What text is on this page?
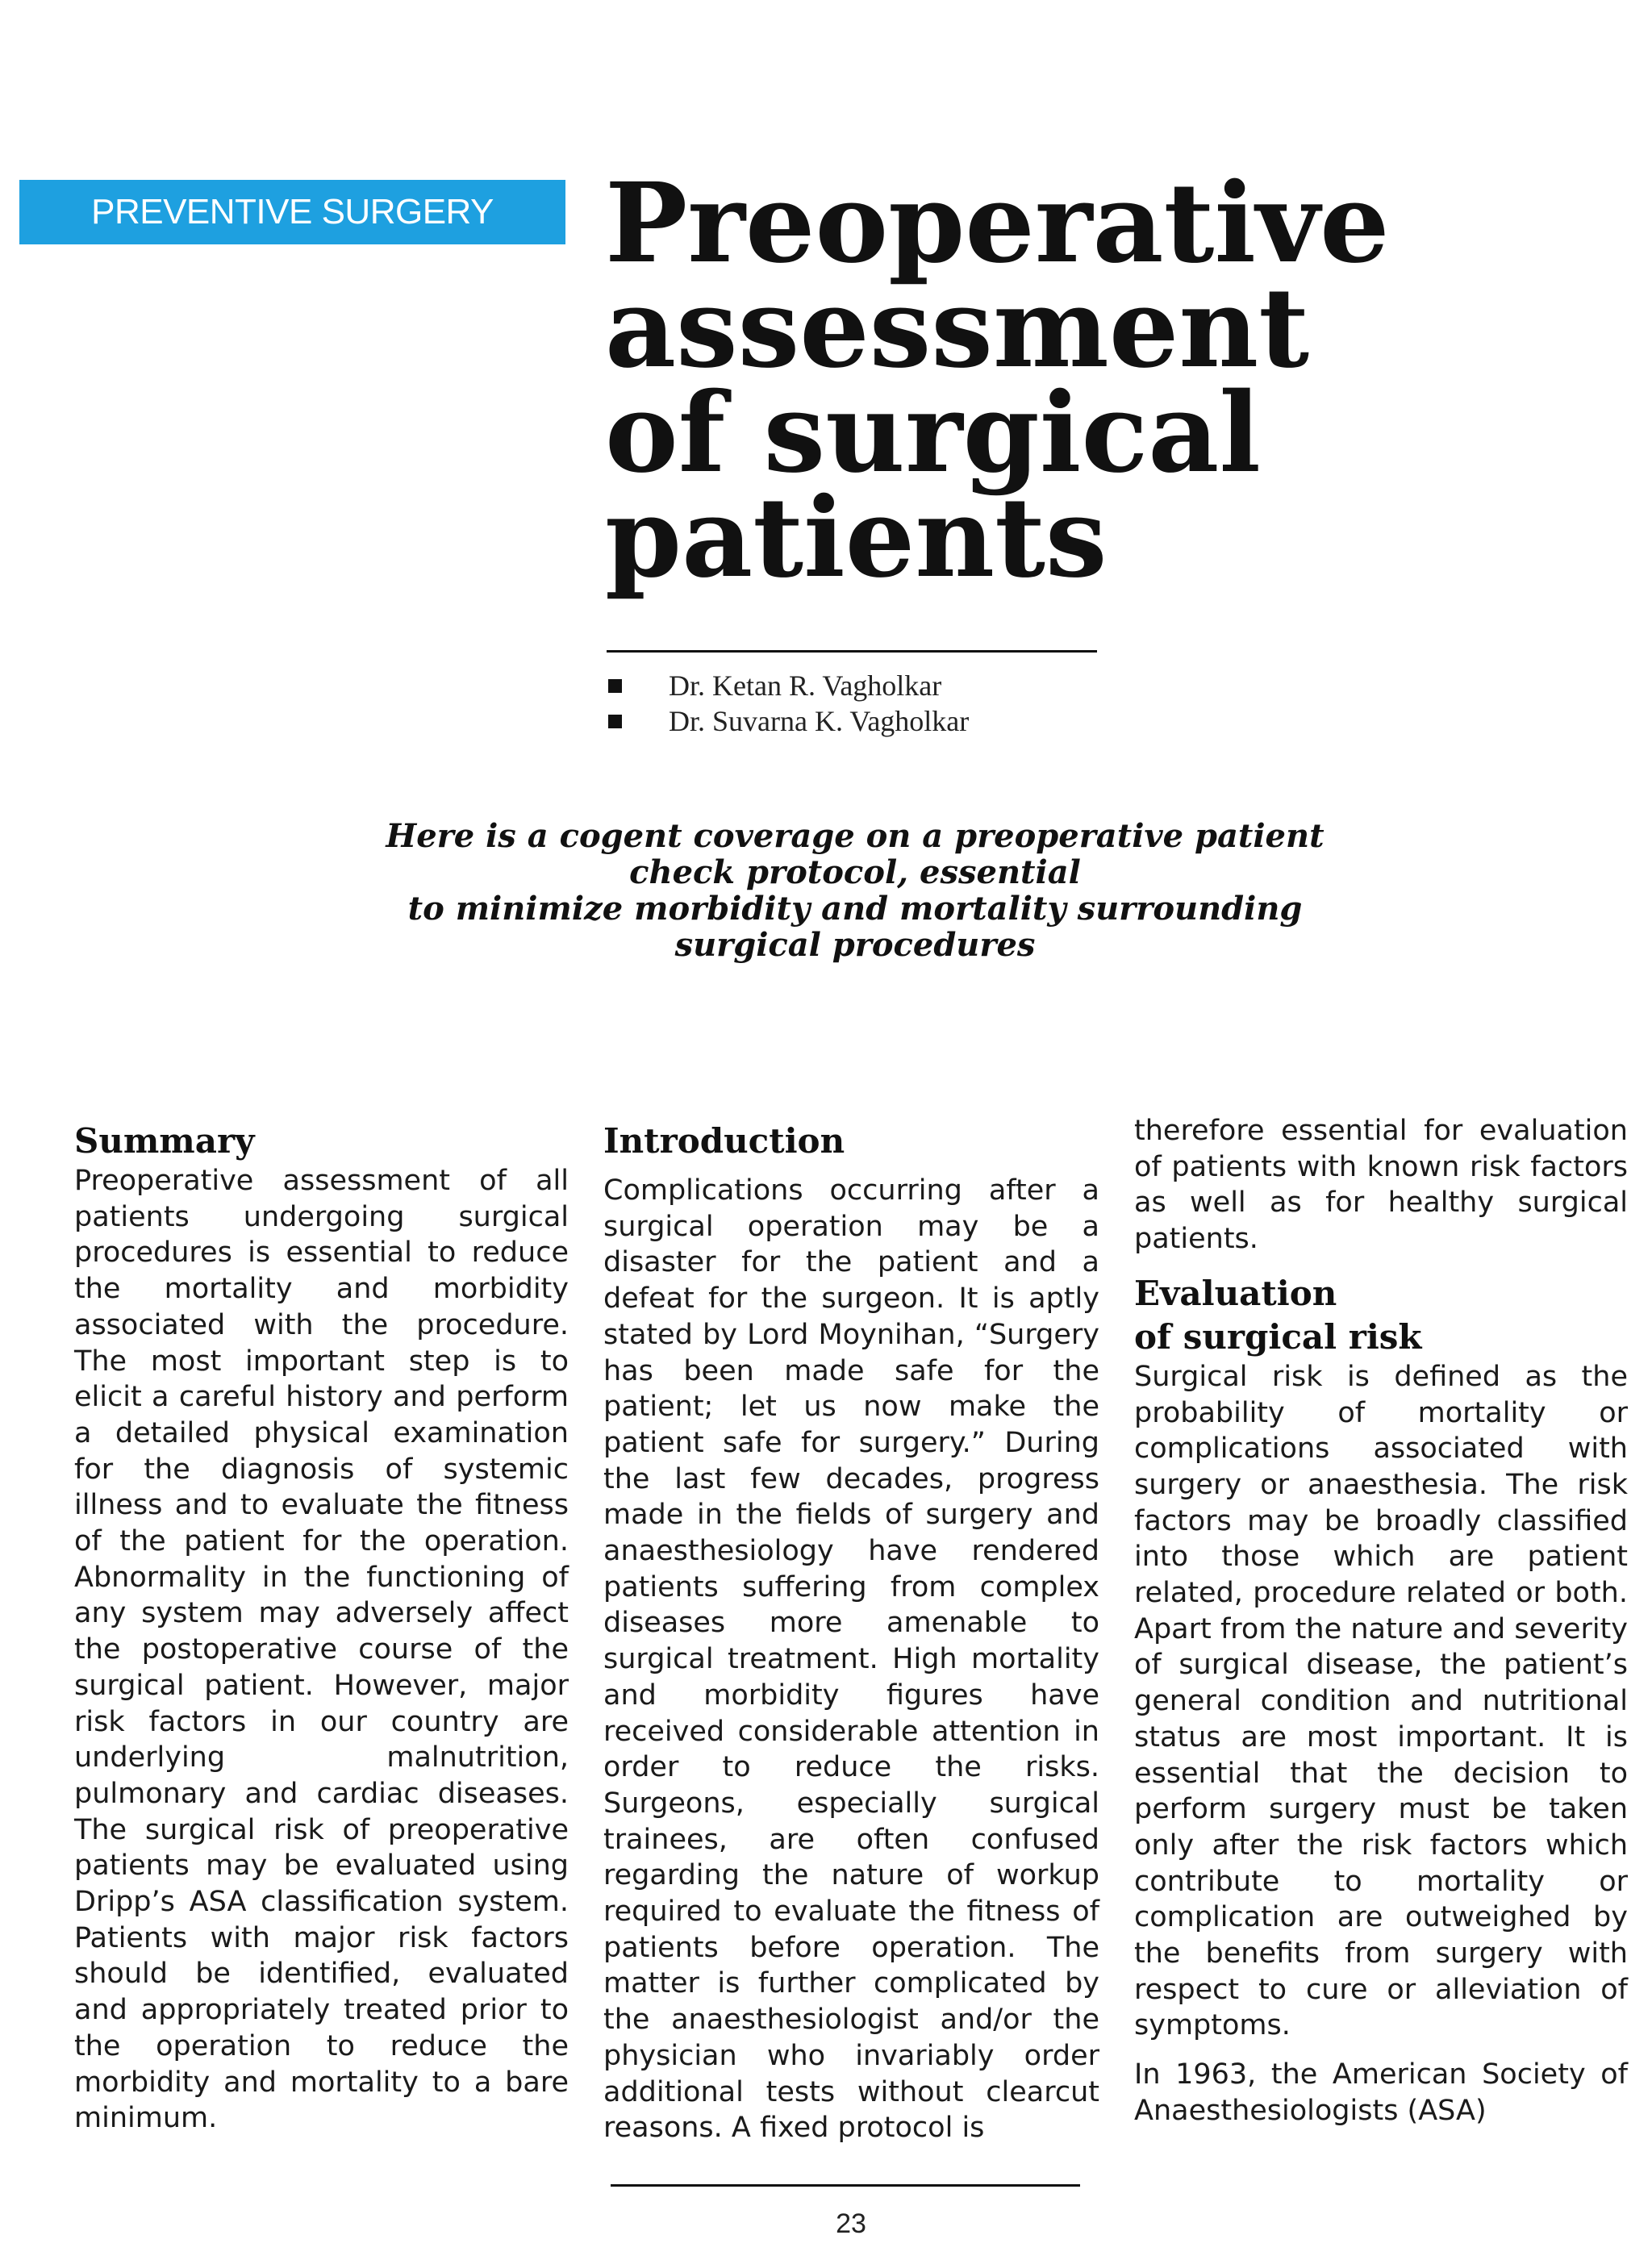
PREVENTIVE SURGERY	Preoperative
assessment
of surgical
patients
Dr. Ketan R. Vagholkar
Dr. Suvarna K. Vagholkar
Here is a cogent coverage on a preoperative patient
check protocol, essential
to minimize morbidity and mortality surrounding
surgical procedures
Summary

Preoperative assessment of all patients undergoing surgical procedures is essential to reduce the mortality and morbidity associated with the procedure. The most important step is to elicit a careful history and perform a detailed physical examination for the diagnosis of systemic illness and to evaluate the fitness of the patient for the operation. Abnormality in the functioning of any system may adversely affect the postoperative course of the surgical patient. However, major risk factors in our country are underlying malnutrition, pulmonary and cardiac diseases. The surgical risk of preoperative patients may be evaluated using Dripp’s ASA classification system. Patients with major risk factors should be identified, evaluated and appropriately treated prior to the operation to reduce the morbidity and mortality to a bare minimum.

Introduction

Complications occurring after a surgical operation may be a disaster for the patient and a defeat for the surgeon. It is aptly stated by Lord Moynihan, “Surgery has been made safe for the patient; let us now make the patient safe for surgery.” During the last few decades, progress made in the fields of surgery and anaesthesiology have rendered patients suffering from complex diseases more amenable to surgical treatment. High mortality and morbidity figures have received considerable attention in order to reduce the risks. Surgeons, especially surgical trainees, are often confused regarding the nature of workup required to evaluate the fitness of patients before operation. The matter is further complicated by the anaesthesiologist and/or the physician who invariably order additional tests without clearcut reasons. A fixed protocol is

therefore essential for evaluation of patients with known risk factors as well as for healthy surgical patients.

Evaluation
of surgical risk

Surgical risk is defined as the probability of mortality or complications associated with surgery or anaesthesia. The risk factors may be broadly classified into those which are patient related, procedure related or both. Apart from the nature and severity of surgical disease, the patient’s general condition and nutritional status are most important. It is essential that the decision to perform surgery must be taken only after the risk factors which contribute to mortality or complication are outweighed by the benefits from surgery with respect to cure or alleviation of symptoms.

In 1963, the American Society of Anaesthesiologists (ASA)

23
